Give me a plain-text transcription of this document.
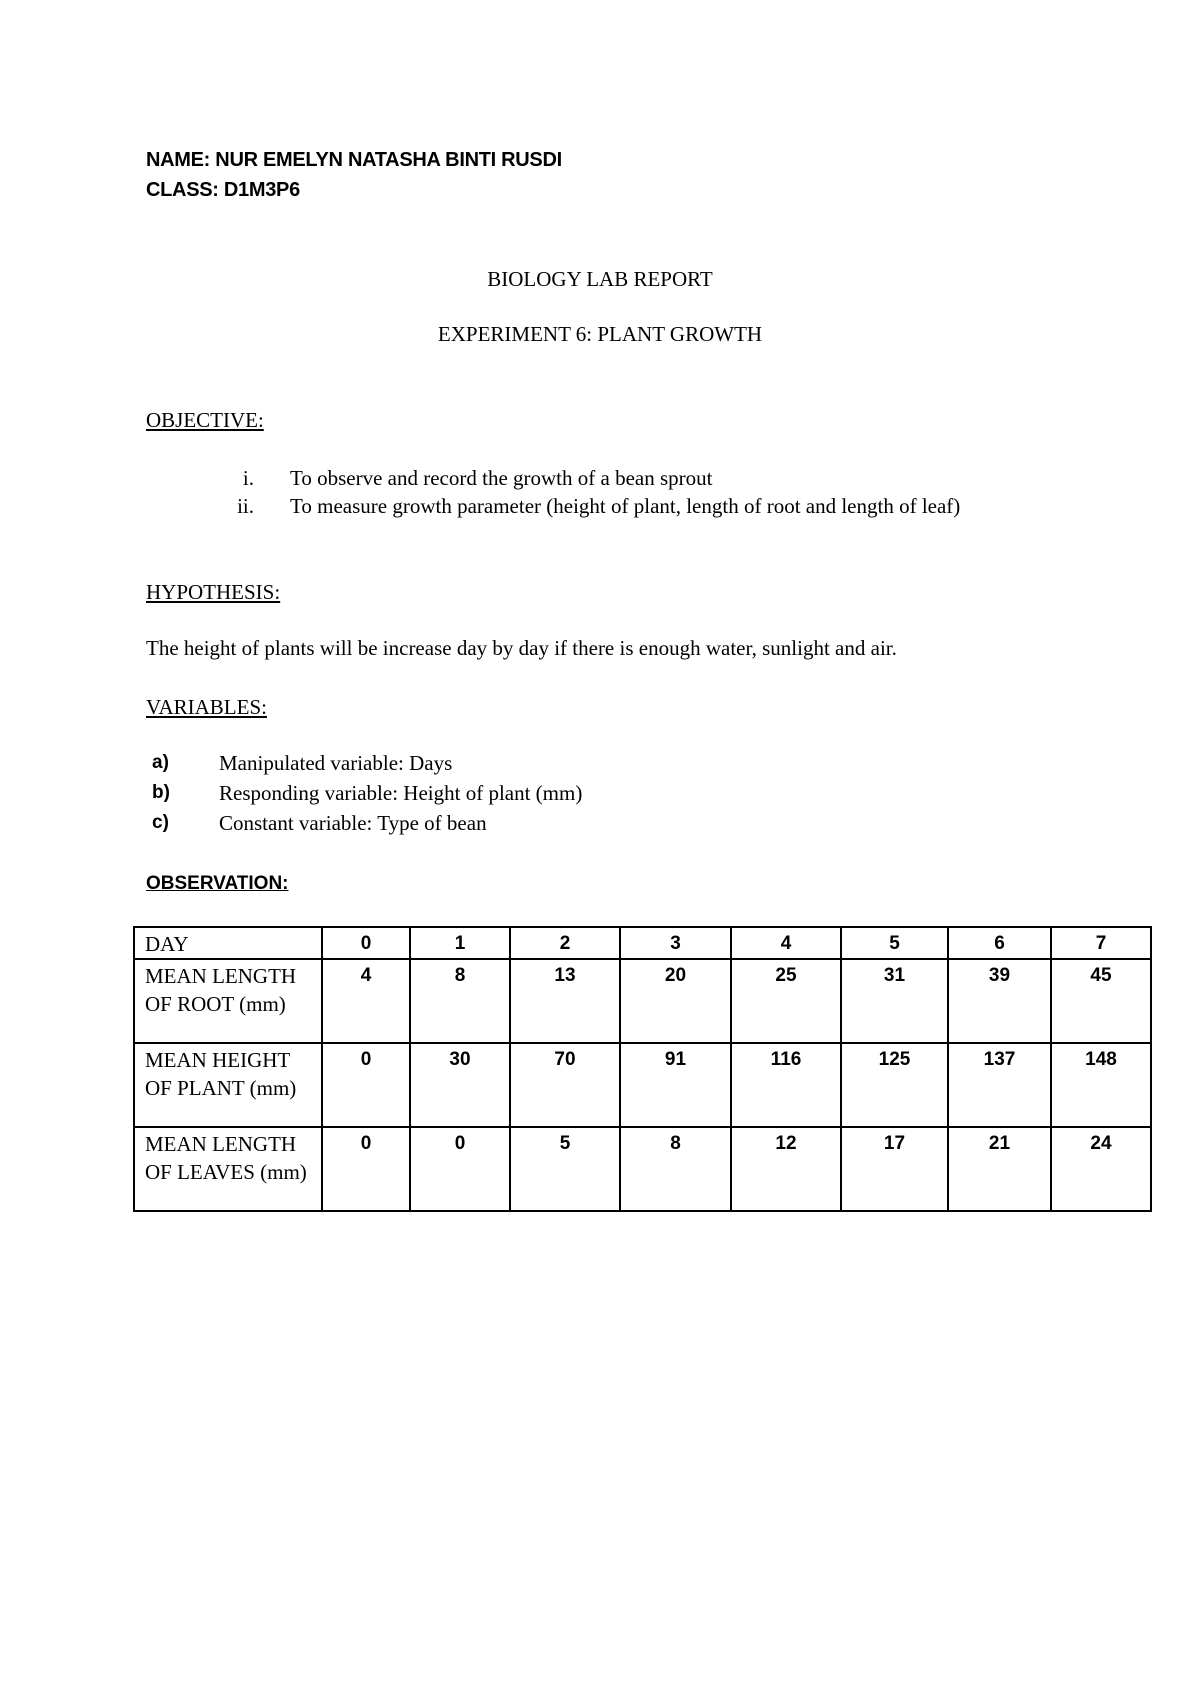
NAME: NUR EMELYN NATASHA BINTI RUSDI
CLASS: D1M3P6
BIOLOGY LAB REPORT
EXPERIMENT 6: PLANT GROWTH
OBJECTIVE:
i. To observe and record the growth of a bean sprout
ii. To measure growth parameter (height of plant, length of root and length of leaf)
HYPOTHESIS:
The height of plants will be increase day by day if there is enough water, sunlight and air.
VARIABLES:
a) Manipulated variable: Days
b) Responding variable: Height of plant (mm)
c) Constant variable: Type of bean
OBSERVATION:
DAY	0	1	2	3	4	5	6	7
MEAN LENGTH OF ROOT (mm)	4	8	13	20	25	31	39	45
MEAN HEIGHT OF PLANT (mm)	0	30	70	91	116	125	137	148
MEAN LENGTH OF LEAVES (mm)	0	0	5	8	12	17	21	24
